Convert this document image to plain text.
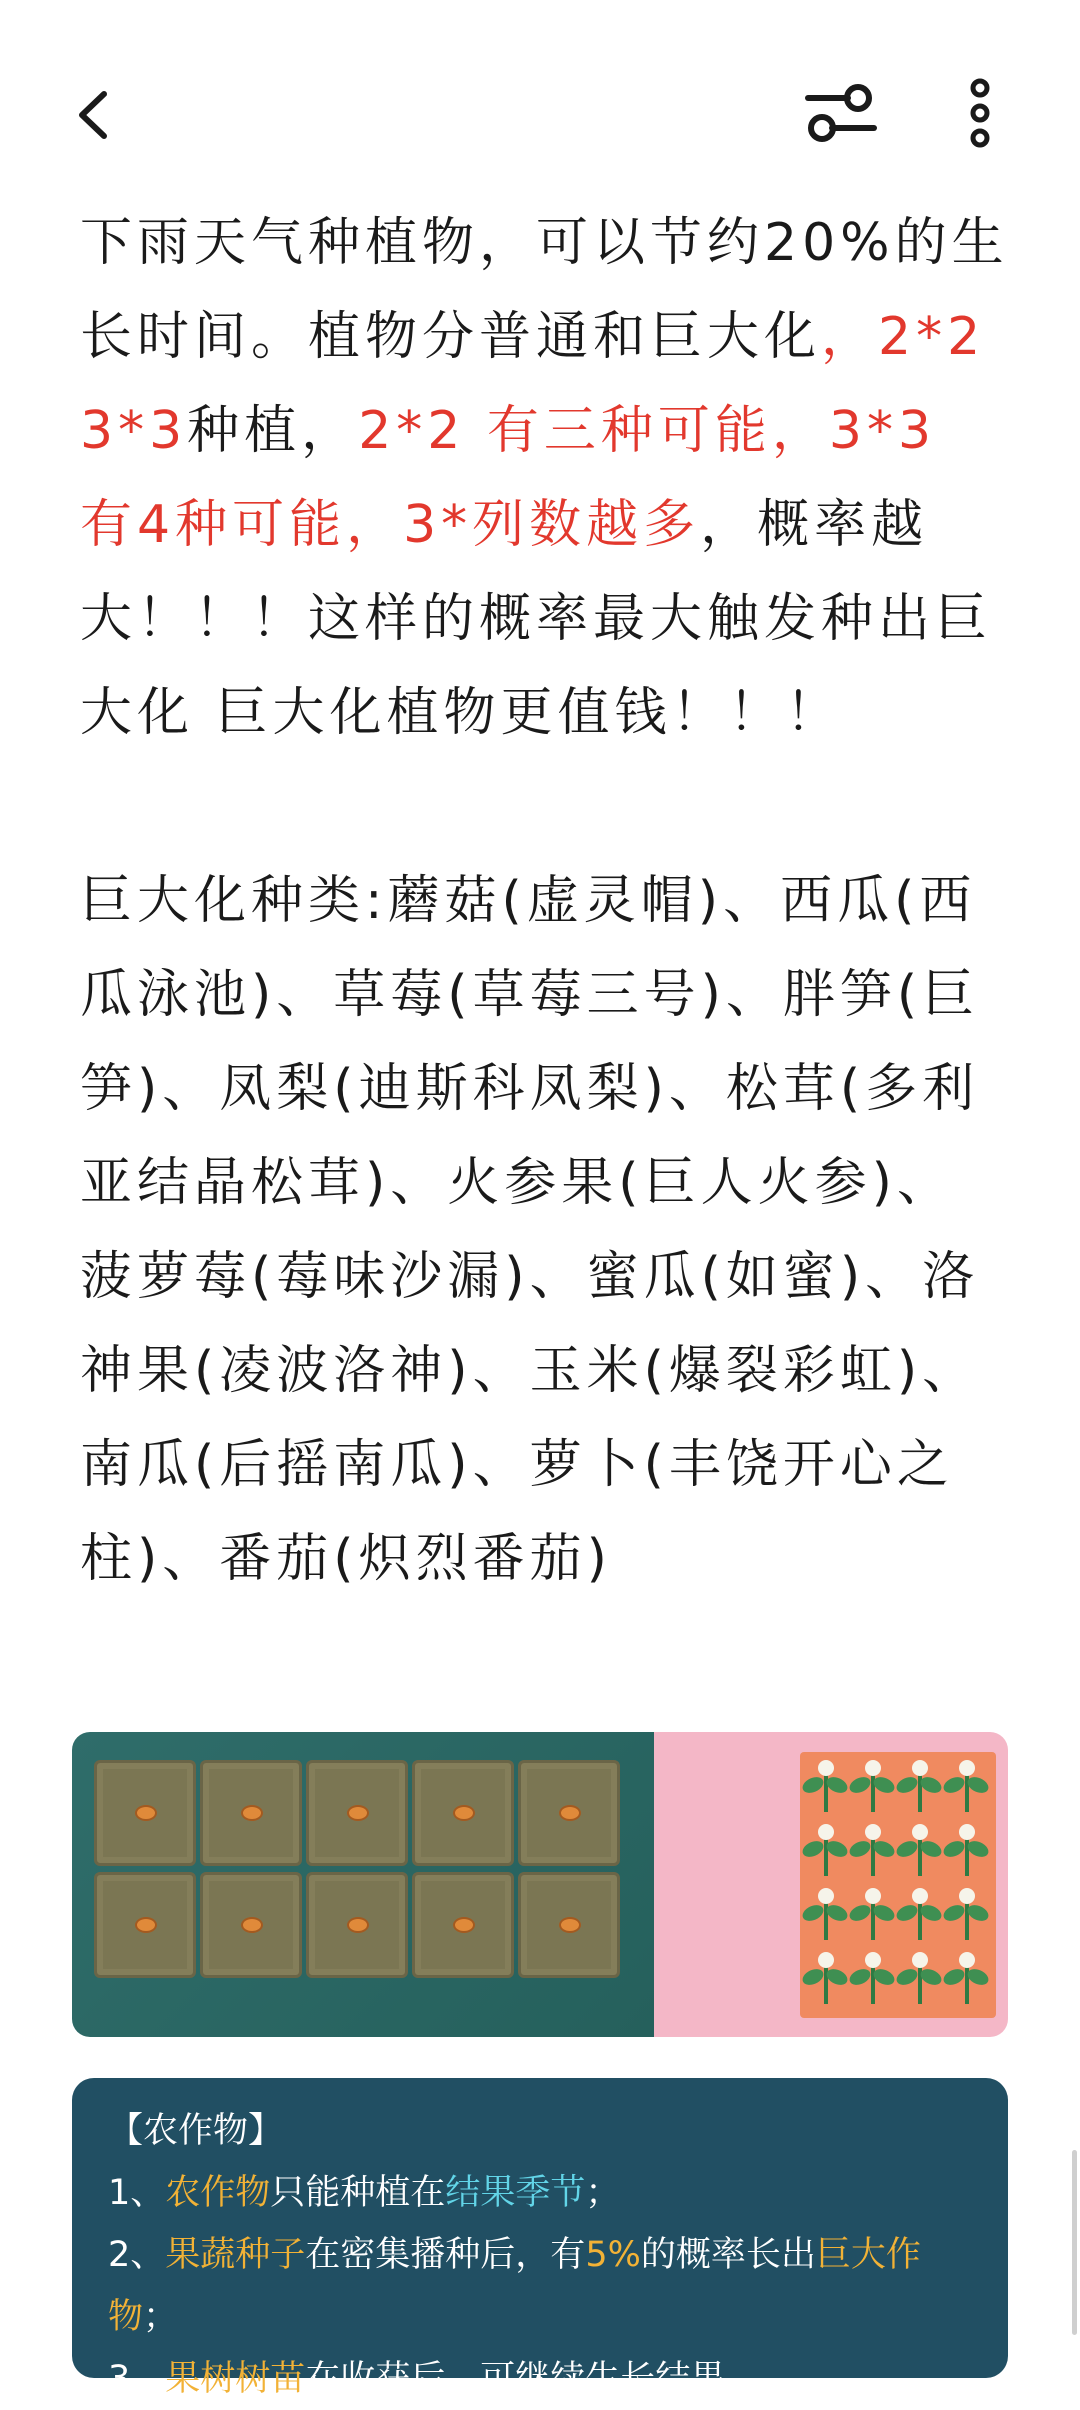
下雨天气种植物，可以节约20%的生长时间。植物分普通和巨大化，2*2 3*3种植，2*2 有三种可能，3*3 有4种可能，3*列数越多，概率越大！！！这样的概率最大触发种出巨大化 巨大化植物更值钱！！！

巨大化种类:蘑菇(虚灵帽)、西瓜(西瓜泳池)、草莓(草莓三号)、胖笋(巨笋)、凤梨(迪斯科凤梨)、松茸(多利亚结晶松茸)、火参果(巨人火参)、菠萝莓(莓味沙漏)、蜜瓜(如蜜)、洛神果(凌波洛神)、玉米(爆裂彩虹)、南瓜(后摇南瓜)、萝卜(丰饶开心之柱)、番茄(炽烈番茄)

【农作物】

1、农作物只能种植在结果季节；

2、果蔬种子在密集播种后，有5%的概率长出巨大作物；

3、果树树苗在收获后，可继续生长结果。
